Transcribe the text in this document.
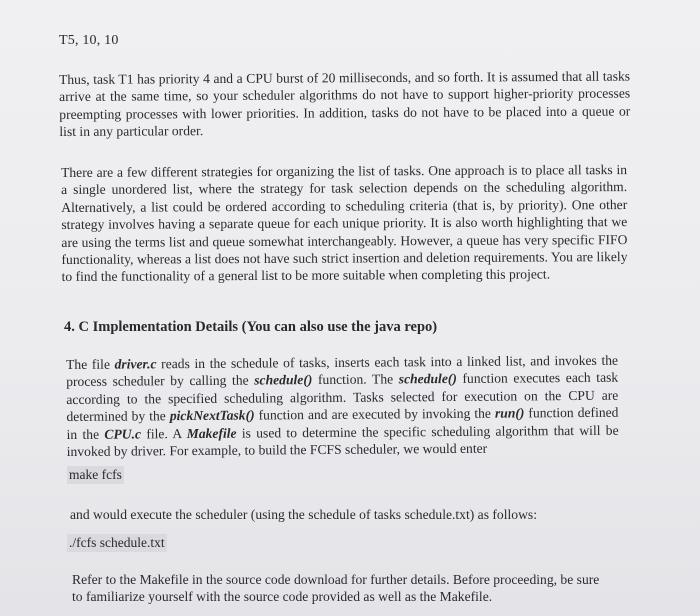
T5, 10, 10

Thus, task T1 has priority 4 and a CPU burst of 20 milliseconds, and so forth. It is assumed that all tasks arrive at the same time, so your scheduler algorithms do not have to support higher-priority processes preempting processes with lower priorities. In addition, tasks do not have to be placed into a queue or list in any particular order.

There are a few different strategies for organizing the list of tasks. One approach is to place all tasks in a single unordered list, where the strategy for task selection depends on the scheduling algorithm. Alternatively, a list could be ordered according to scheduling criteria (that is, by priority). One other strategy involves having a separate queue for each unique priority. It is also worth highlighting that we are using the terms list and queue somewhat interchangeably. However, a queue has very specific FIFO functionality, whereas a list does not have such strict insertion and deletion requirements. You are likely to find the functionality of a general list to be more suitable when completing this project.

4. C Implementation Details (You can also use the java repo)

The file driver.c reads in the schedule of tasks, inserts each task into a linked list, and invokes the process scheduler by calling the schedule() function. The schedule() function executes each task according to the specified scheduling algorithm. Tasks selected for execution on the CPU are determined by the pickNextTask() function and are executed by invoking the run() function defined in the CPU.c file. A Makefile is used to determine the specific scheduling algorithm that will be invoked by driver. For example, to build the FCFS scheduler, we would enter

make fcfs
and would execute the scheduler (using the schedule of tasks schedule.txt) as follows:
./fcfs schedule.txt

Refer to the Makefile in the source code download for further details. Before proceeding, be sure to familiarize yourself with the source code provided as well as the Makefile.
